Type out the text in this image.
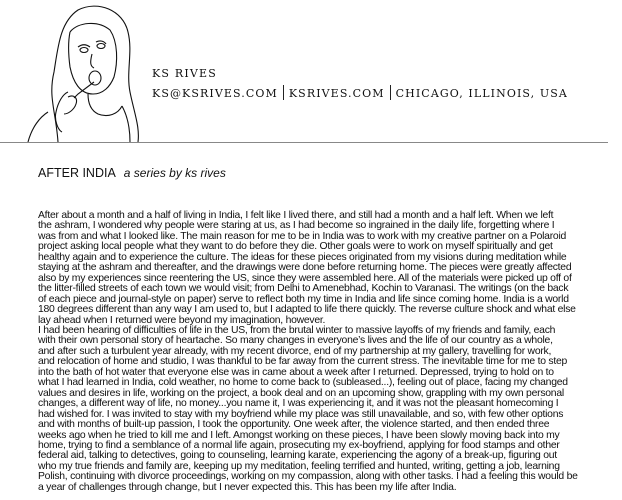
KS RIVES
KS@KSRIVES.COM KSRIVES.COM CHICAGO, ILLINOIS, USA
AFTER INDIA a series by ks rives
After about a month and a half of living in India, I felt like I lived there, and still had a month and a half left. When we left
the ashram, I wondered why people were staring at us, as I had become so ingrained in the daily life, forgetting where I
was from and what I looked like. The main reason for me to be in India was to work with my creative partner on a Polaroid
project asking local people what they want to do before they die. Other goals were to work on myself spiritually and get
healthy again and to experience the culture. The ideas for these pieces originated from my visions during meditation while
staying at the ashram and thereafter, and the drawings were done before returning home. The pieces were greatly affected
also by my experiences since reentering the US, since they were assembled here. All of the materials were picked up off of
the litter-filled streets of each town we would visit; from Delhi to Amenebhad, Kochin to Varanasi. The writings (on the back
of each piece and journal-style on paper) serve to reflect both my time in India and life since coming home. India is a world
180 degrees different than any way I am used to, but I adapted to life there quickly. The reverse culture shock and what else
lay ahead when I returned were beyond my imagination, however.
I had been hearing of difficulties of life in the US, from the brutal winter to massive layoffs of my friends and family, each
with their own personal story of heartache. So many changes in everyone’s lives and the life of our country as a whole,
and after such a turbulent year already, with my recent divorce, end of my partnership at my gallery, travelling for work,
and relocation of home and studio, I was thankful to be far away from the current stress. The inevitable time for me to step
into the bath of hot water that everyone else was in came about a week after I returned. Depressed, trying to hold on to
what I had learned in India, cold weather, no home to come back to (subleased...), feeling out of place, facing my changed
values and desires in life, working on the project, a book deal and on an upcoming show, grappling with my own personal
changes, a different way of life, no money...you name it, I was experiencing it, and it was not the pleasant homecoming I
had wished for. I was invited to stay with my boyfriend while my place was still unavailable, and so, with few other options
and with months of built-up passion, I took the opportunity. One week after, the violence started, and then ended three
weeks ago when he tried to kill me and I left. Amongst working on these pieces, I have been slowly moving back into my
home, trying to find a semblance of a normal life again, prosecuting my ex-boyfriend, applying for food stamps and other
federal aid, talking to detectives, going to counseling, learning karate, experiencing the agony of a break-up, figuring out
who my true friends and family are, keeping up my meditation, feeling terrified and hunted, writing, getting a job, learning
Polish, continuing with divorce proceedings, working on my compassion, along with other tasks. I had a feeling this would be
a year of challenges through change, but I never expected this. This has been my life after India.
